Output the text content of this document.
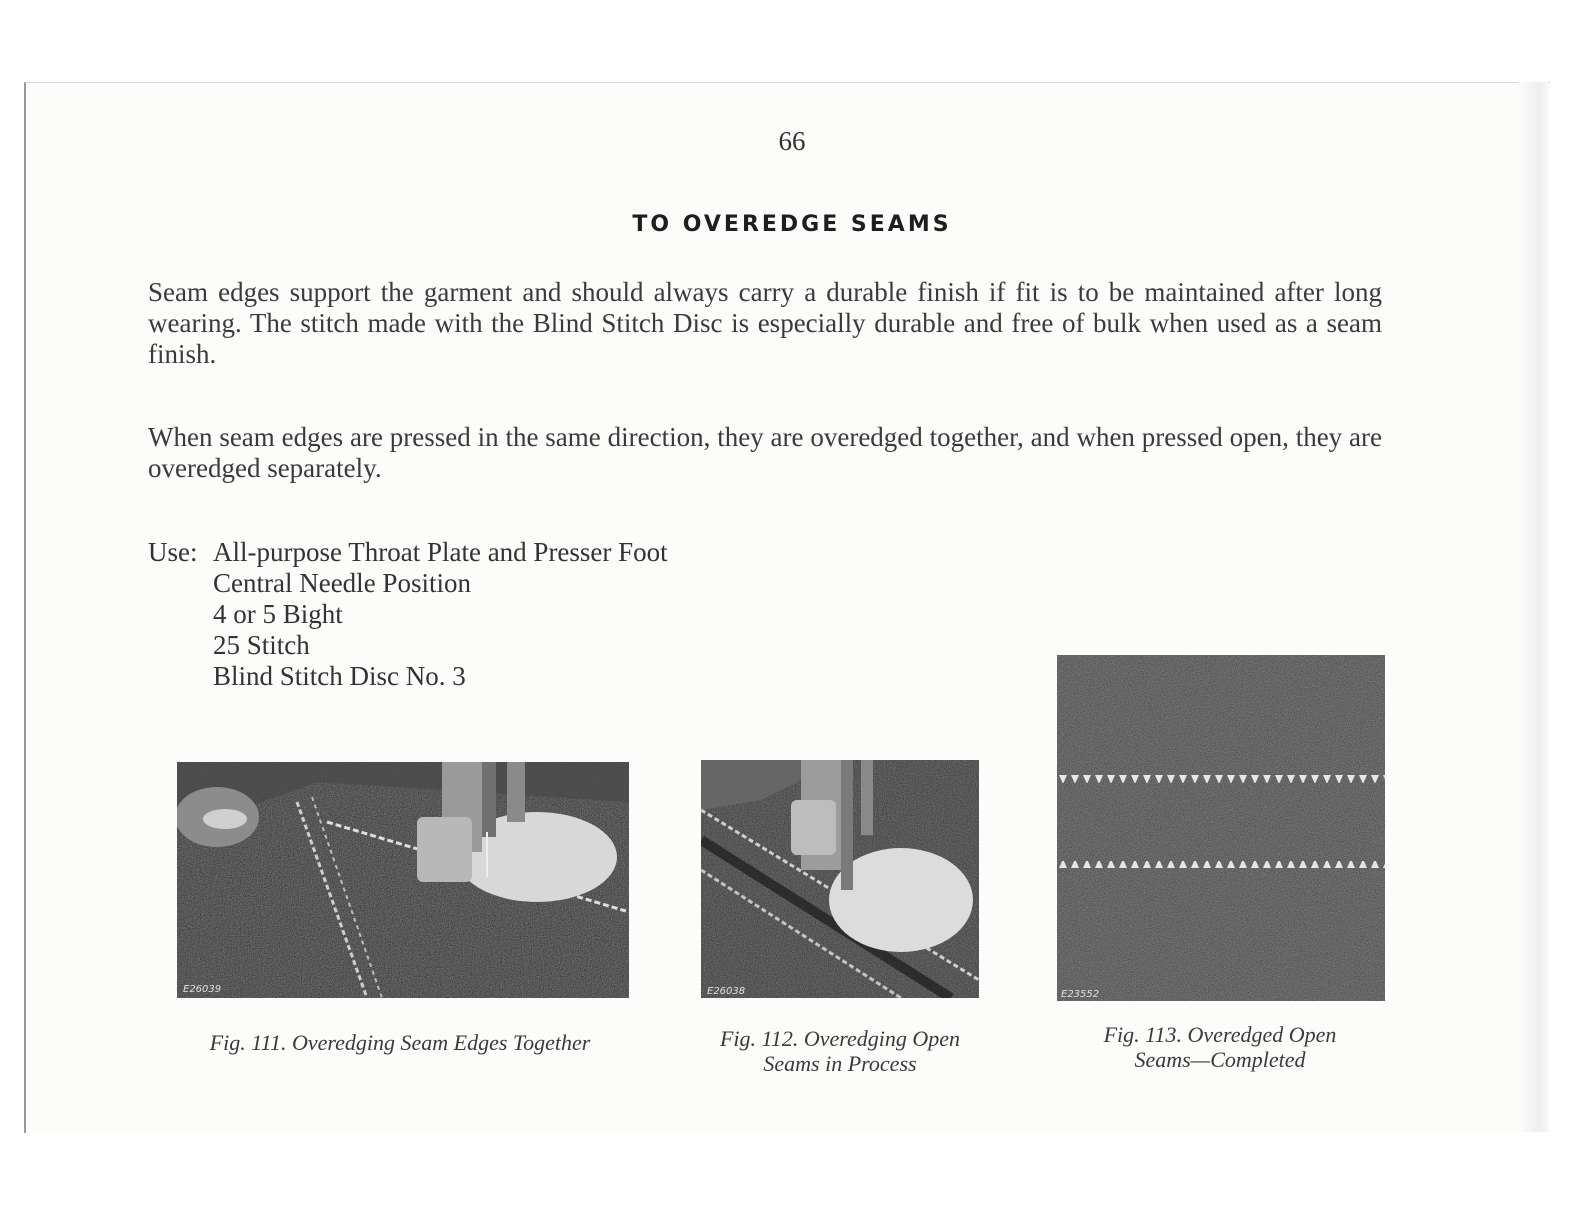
66
TO OVEREDGE SEAMS
Seam edges support the garment and should always carry a durable finish if fit is to be maintained after long wearing. The stitch made with the Blind Stitch Disc is especially durable and free of bulk when used as a seam finish.
When seam edges are pressed in the same direction, they are overedged together, and when pressed open, they are overedged separately.
Use: All-purpose Throat Plate and Presser Foot
Central Needle Position
4 or 5 Bight
25 Stitch
Blind Stitch Disc No. 3
E26039	E26038	E23552
Fig. 111. Overedging Seam Edges Together	Fig. 112. Overedging Open
Seams in Process
Fig. 113. Overedged Open
Seams—Completed
